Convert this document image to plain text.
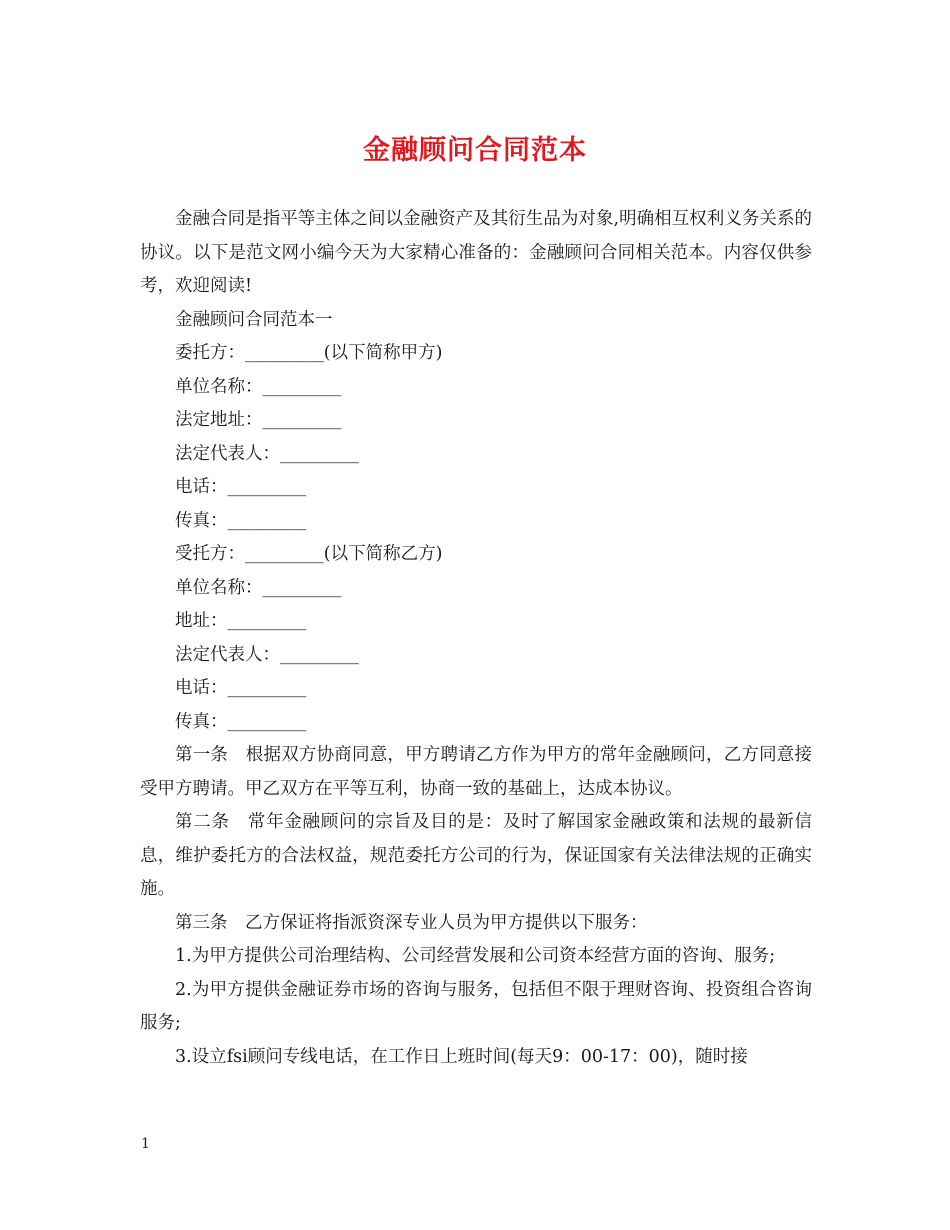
金融顾问合同范本

金融合同是指平等主体之间以金融资产及其衍生品为对象,明确相互权利义务关系的协议。以下是范文网小编今天为大家精心准备的：金融顾问合同相关范本。内容仅供参考，欢迎阅读!

金融顾问合同范本一

委托方：_________(以下简称甲方)

单位名称：_________

法定地址：_________

法定代表人：_________

电话：_________

传真：_________

受托方：_________(以下简称乙方)

单位名称：_________

地址：_________

法定代表人：_________

电话：_________

传真：_________

第一条　根据双方协商同意，甲方聘请乙方作为甲方的常年金融顾问，乙方同意接受甲方聘请。甲乙双方在平等互利，协商一致的基础上，达成本协议。

第二条　常年金融顾问的宗旨及目的是：及时了解国家金融政策和法规的最新信息，维护委托方的合法权益，规范委托方公司的行为，保证国家有关法律法规的正确实施。

第三条　乙方保证将指派资深专业人员为甲方提供以下服务：

1.为甲方提供公司治理结构、公司经营发展和公司资本经营方面的咨询、服务;

2.为甲方提供金融证券市场的咨询与服务，包括但不限于理财咨询、投资组合咨询服务;

3.设立fsi顾问专线电话，在工作日上班时间(每天9：00-17：00)，随时接

1
